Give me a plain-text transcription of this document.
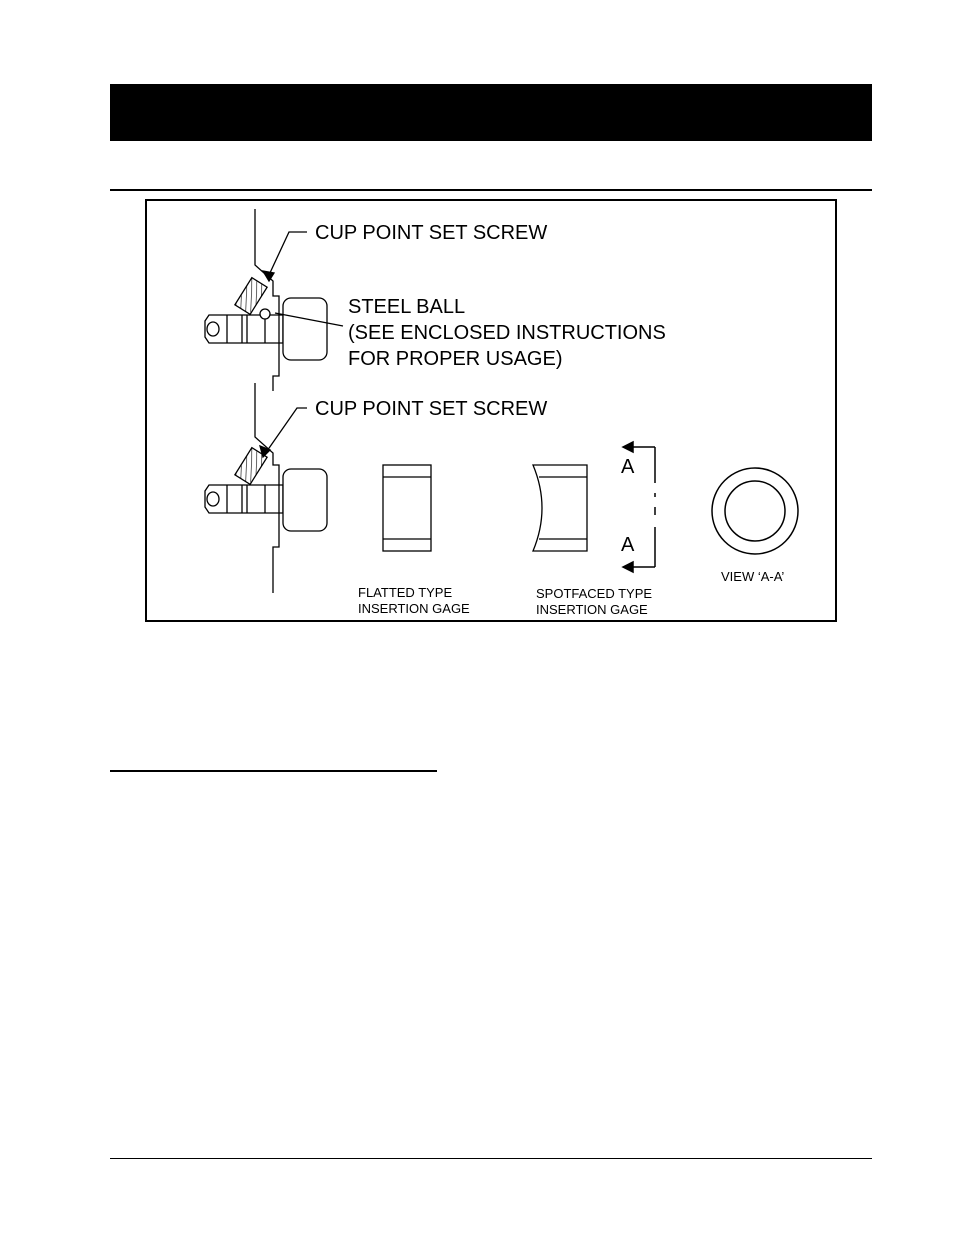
CUP POINT SET SCREW
STEEL BALL
(SEE ENCLOSED INSTRUCTIONS
FOR PROPER USAGE)
CUP POINT SET SCREW
A
A
FLATTED TYPE
INSERTION GAGE
SPOTFACED TYPE
INSERTION GAGE
VIEW ‘A-A’
